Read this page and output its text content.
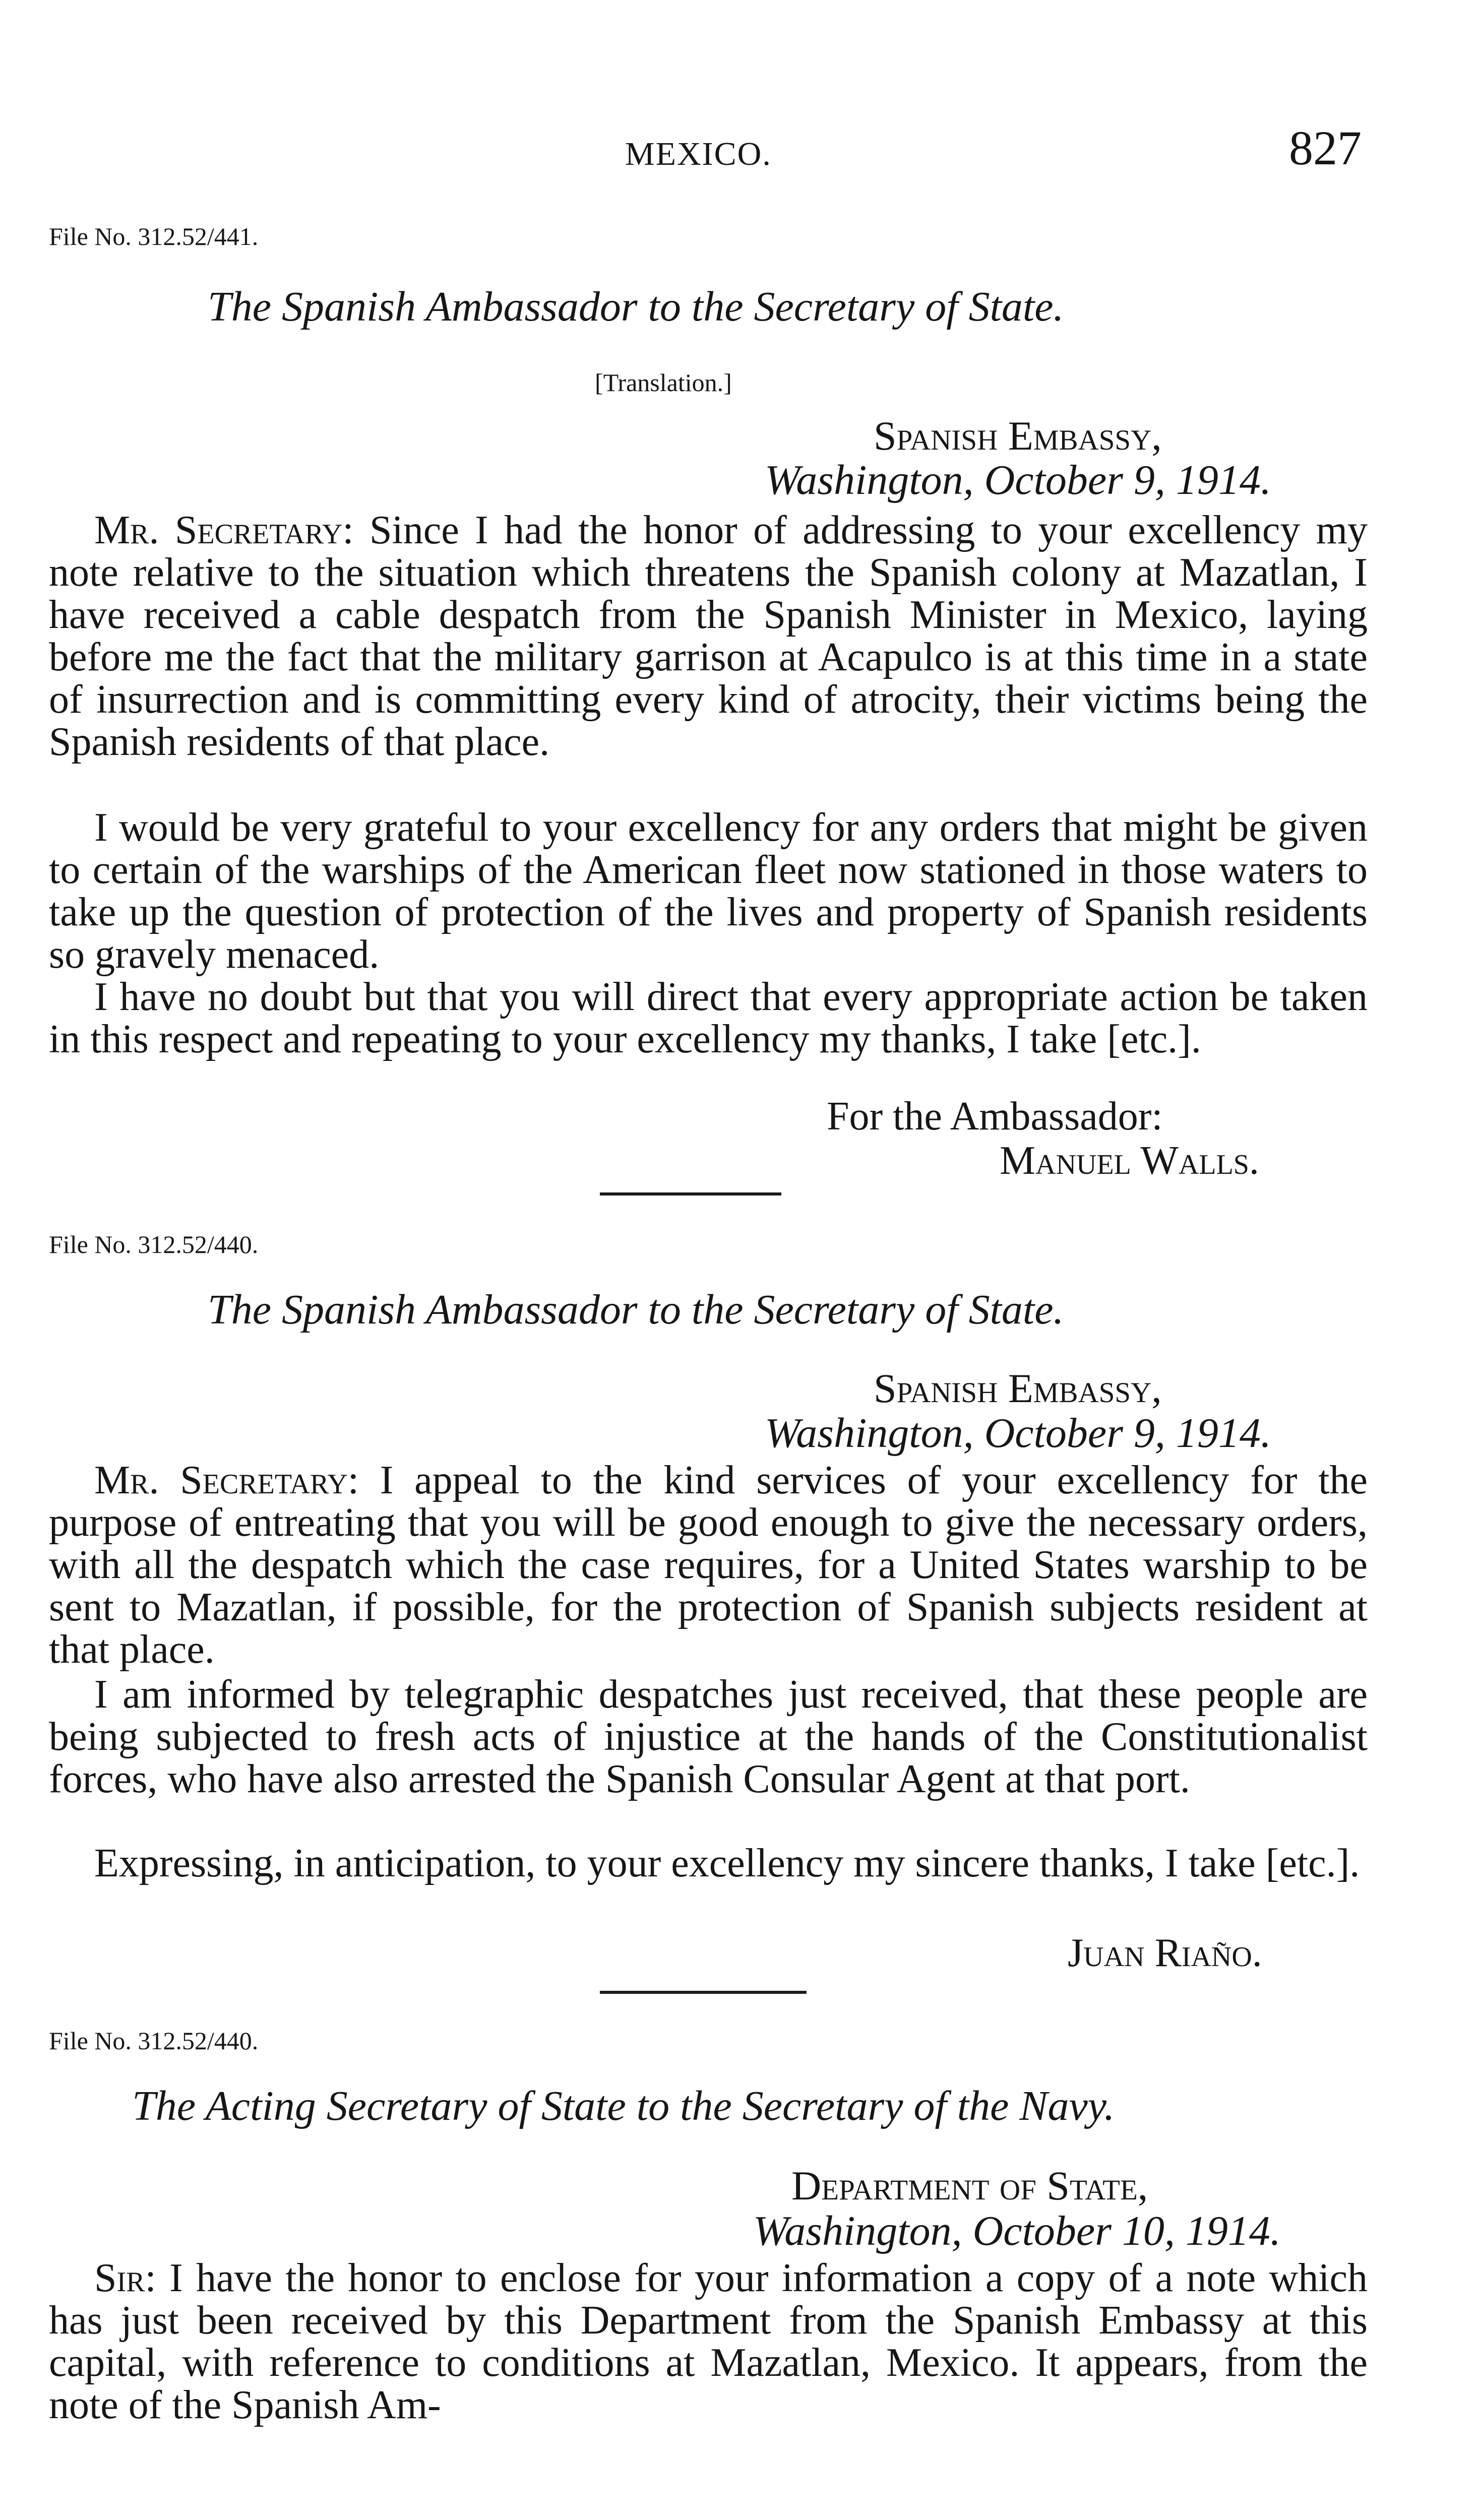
MEXICO.	827
File No. 312.52/441.
The Spanish Ambassador to the Secretary of State.
[Translation.]
Spanish Embassy,
Washington, October 9, 1914.
Mr. Secretary: Since I had the honor of addressing to your excellency my note relative to the situation which threatens the Spanish colony at Mazatlan, I have received a cable despatch from the Spanish Minister in Mexico, laying before me the fact that the military garrison at Acapulco is at this time in a state of insurrection and is committing every kind of atrocity, their victims being the Spanish residents of that place.
I would be very grateful to your excellency for any orders that might be given to certain of the warships of the American fleet now stationed in those waters to take up the question of protection of the lives and property of Spanish residents so gravely menaced.
I have no doubt but that you will direct that every appropriate action be taken in this respect and repeating to your excellency my thanks, I take [etc.].
For the Ambassador:
Manuel Walls.
File No. 312.52/440.
The Spanish Ambassador to the Secretary of State.
Spanish Embassy,
Washington, October 9, 1914.
Mr. Secretary: I appeal to the kind services of your excellency for the purpose of entreating that you will be good enough to give the necessary orders, with all the despatch which the case requires, for a United States warship to be sent to Mazatlan, if possible, for the protection of Spanish subjects resident at that place.
I am informed by telegraphic despatches just received, that these people are being subjected to fresh acts of injustice at the hands of the Constitutionalist forces, who have also arrested the Spanish Consular Agent at that port.
Expressing, in anticipation, to your excellency my sincere thanks, I take [etc.].
Juan Riaño.
File No. 312.52/440.
The Acting Secretary of State to the Secretary of the Navy.
Department of State,
Washington, October 10, 1914.
Sir: I have the honor to enclose for your information a copy of a note which has just been received by this Department from the Spanish Embassy at this capital, with reference to conditions at Mazatlan, Mexico. It appears, from the note of the Spanish Am-
